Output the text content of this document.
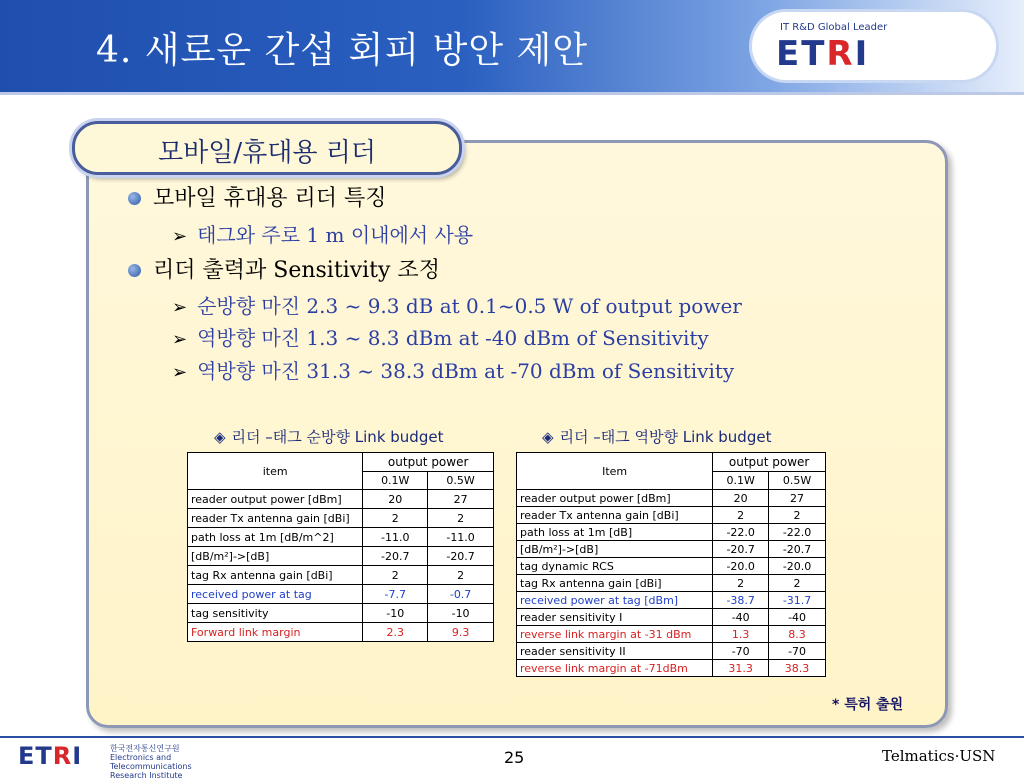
4. 새로운 간섭 회피 방안 제안
IT R&D Global Leader
ETRI
모바일/휴대용 리더
모바일 휴대용 리더 특징
➢ 태그와 주로 1 m 이내에서 사용
리더 출력과 Sensitivity 조정
➢ 순방향 마진 2.3 ~ 9.3 dB at 0.1~0.5 W of output power
➢ 역방향 마진 1.3 ~ 8.3 dBm at -40 dBm of Sensitivity
➢ 역방향 마진 31.3 ~ 38.3 dBm at -70 dBm of Sensitivity
◈ 리더 –태그 순방향 Link budget
item	output power	
	0.1W	0.5W
reader output power [dBm]	20	27
reader Tx antenna gain [dBi]	2	2
path loss at 1m [dB/m^2]	-11.0	-11.0
[dB/m²]->[dB]	-20.7	-20.7
tag Rx antenna gain [dBi]	2	2
received power at tag	-7.7	-0.7
tag sensitivity	-10	-10
Forward link margin	2.3	9.3
◈ 리더 –태그 역방향 Link budget
Item	output power	
	0.1W	0.5W
reader output power [dBm]	20	27
reader Tx antenna gain [dBi]	2	2
path loss at 1m [dB]	-22.0	-22.0
[dB/m²]->[dB]	-20.7	-20.7
tag dynamic RCS	-20.0	-20.0
tag Rx antenna gain [dBi]	2	2
received power at tag [dBm]	-38.7	-31.7
reader sensitivity I	-40	-40
reverse link margin at -31 dBm	1.3	8.3
reader sensitivity II	-70	-70
reverse link margin at -71dBm	31.3	38.3
* 특허 출원
ETRI	한국전자통신연구원 Electronics and Telecommunications Research Institute
25	Telmatics·USN
